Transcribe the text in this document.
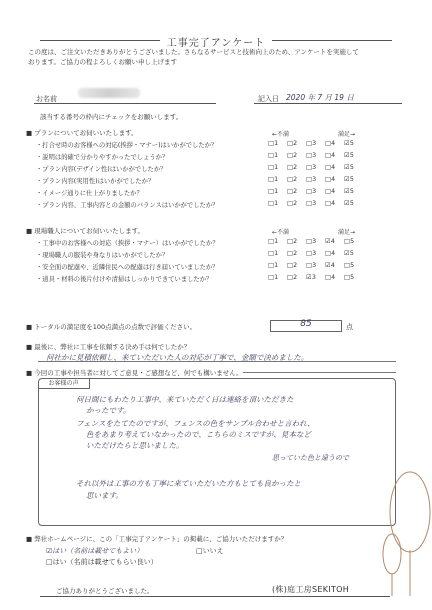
工事完了アンケート
この度は、ご注文いただきありがとうございました。さらなるサービスと技術向上のため、アンケートを実施して
おります。ご協力の程よろしくお願い申し上げます
お名前	記入日 2020 年 7 月 19 日
該当する番号の枠内にチェックをお願いします。
■ プランについてお伺いいたします。	←不満	満足→
・打合せ時のお客様への対応(挨拶・マナー)はいかがでしたか？	□1 □2 □3 □4 ☑5
・説明は的確で分かりやすかったでしょうか？	□1 □2 □3 □4 ☑5
・プラン内容(デザイン性)はいかがでしたか？	□1 □2 □3 □4 ☑5
・プラン内容(実用性)はいかがでしたか？	□1 □2 □3 □4 ☑5
・イメージ通りに仕上がりましたか？	□1 □2 □3 □4 ☑5
・プラン内容、工事内容との金額のバランスはいかがでしたか？	□1 □2 □3 □4 ☑5
■ 現場職人についてお伺いいたします。	←不満	満足→
・工事中のお客様への対応（挨拶・マナー）はいかがでしたか？	□1 □2 □3 ☑4 □5
・現場職人の服装や身なりはいかがでしたか？	□1 □2 □3 □4 ☑5
・安全面の配慮や、近隣住民への配慮は行き届いていましたか？	□1 □2 □3 ☑4 □5
・道具・材料の後片付けや清掃はしっかりできていましたか？	□1 □2 ☑3 □4 □5
■ トータルの満足度を100点満点の点数で評価ください。	85	点
■ 最後に、弊社に工事を依頼する決め手は何でしたか？
何社かに見積依頼し、来ていただいた人の対応が丁寧で、金額で決めました。
■ 今回の工事や担当者に対してご意見・ご感想など、何でも構いません。
お客様の声
何日間にもわたり工事中、来ていただく日は連絡を頂いただきた
かったです。
フェンスをたてたのですが、フェンスの色をサンプル合わせと言われ、
色をあまり考えていなかったので、こちらのミスですが、見本など
いただけたらと思いました。
思っていた色と違うので
それ以外は工事の方も丁寧に来ていただいた方もとても良かったと
思います。
■ 弊社ホームページに、この「工事完了アンケート」の掲載に、ご協力いただけますか？
☑はい（名前は載せてもよい）	□いいえ
□はい（名前は載せてもらい良い）
ご協力ありがとうございました。	(株)庭工房SEKITOH
